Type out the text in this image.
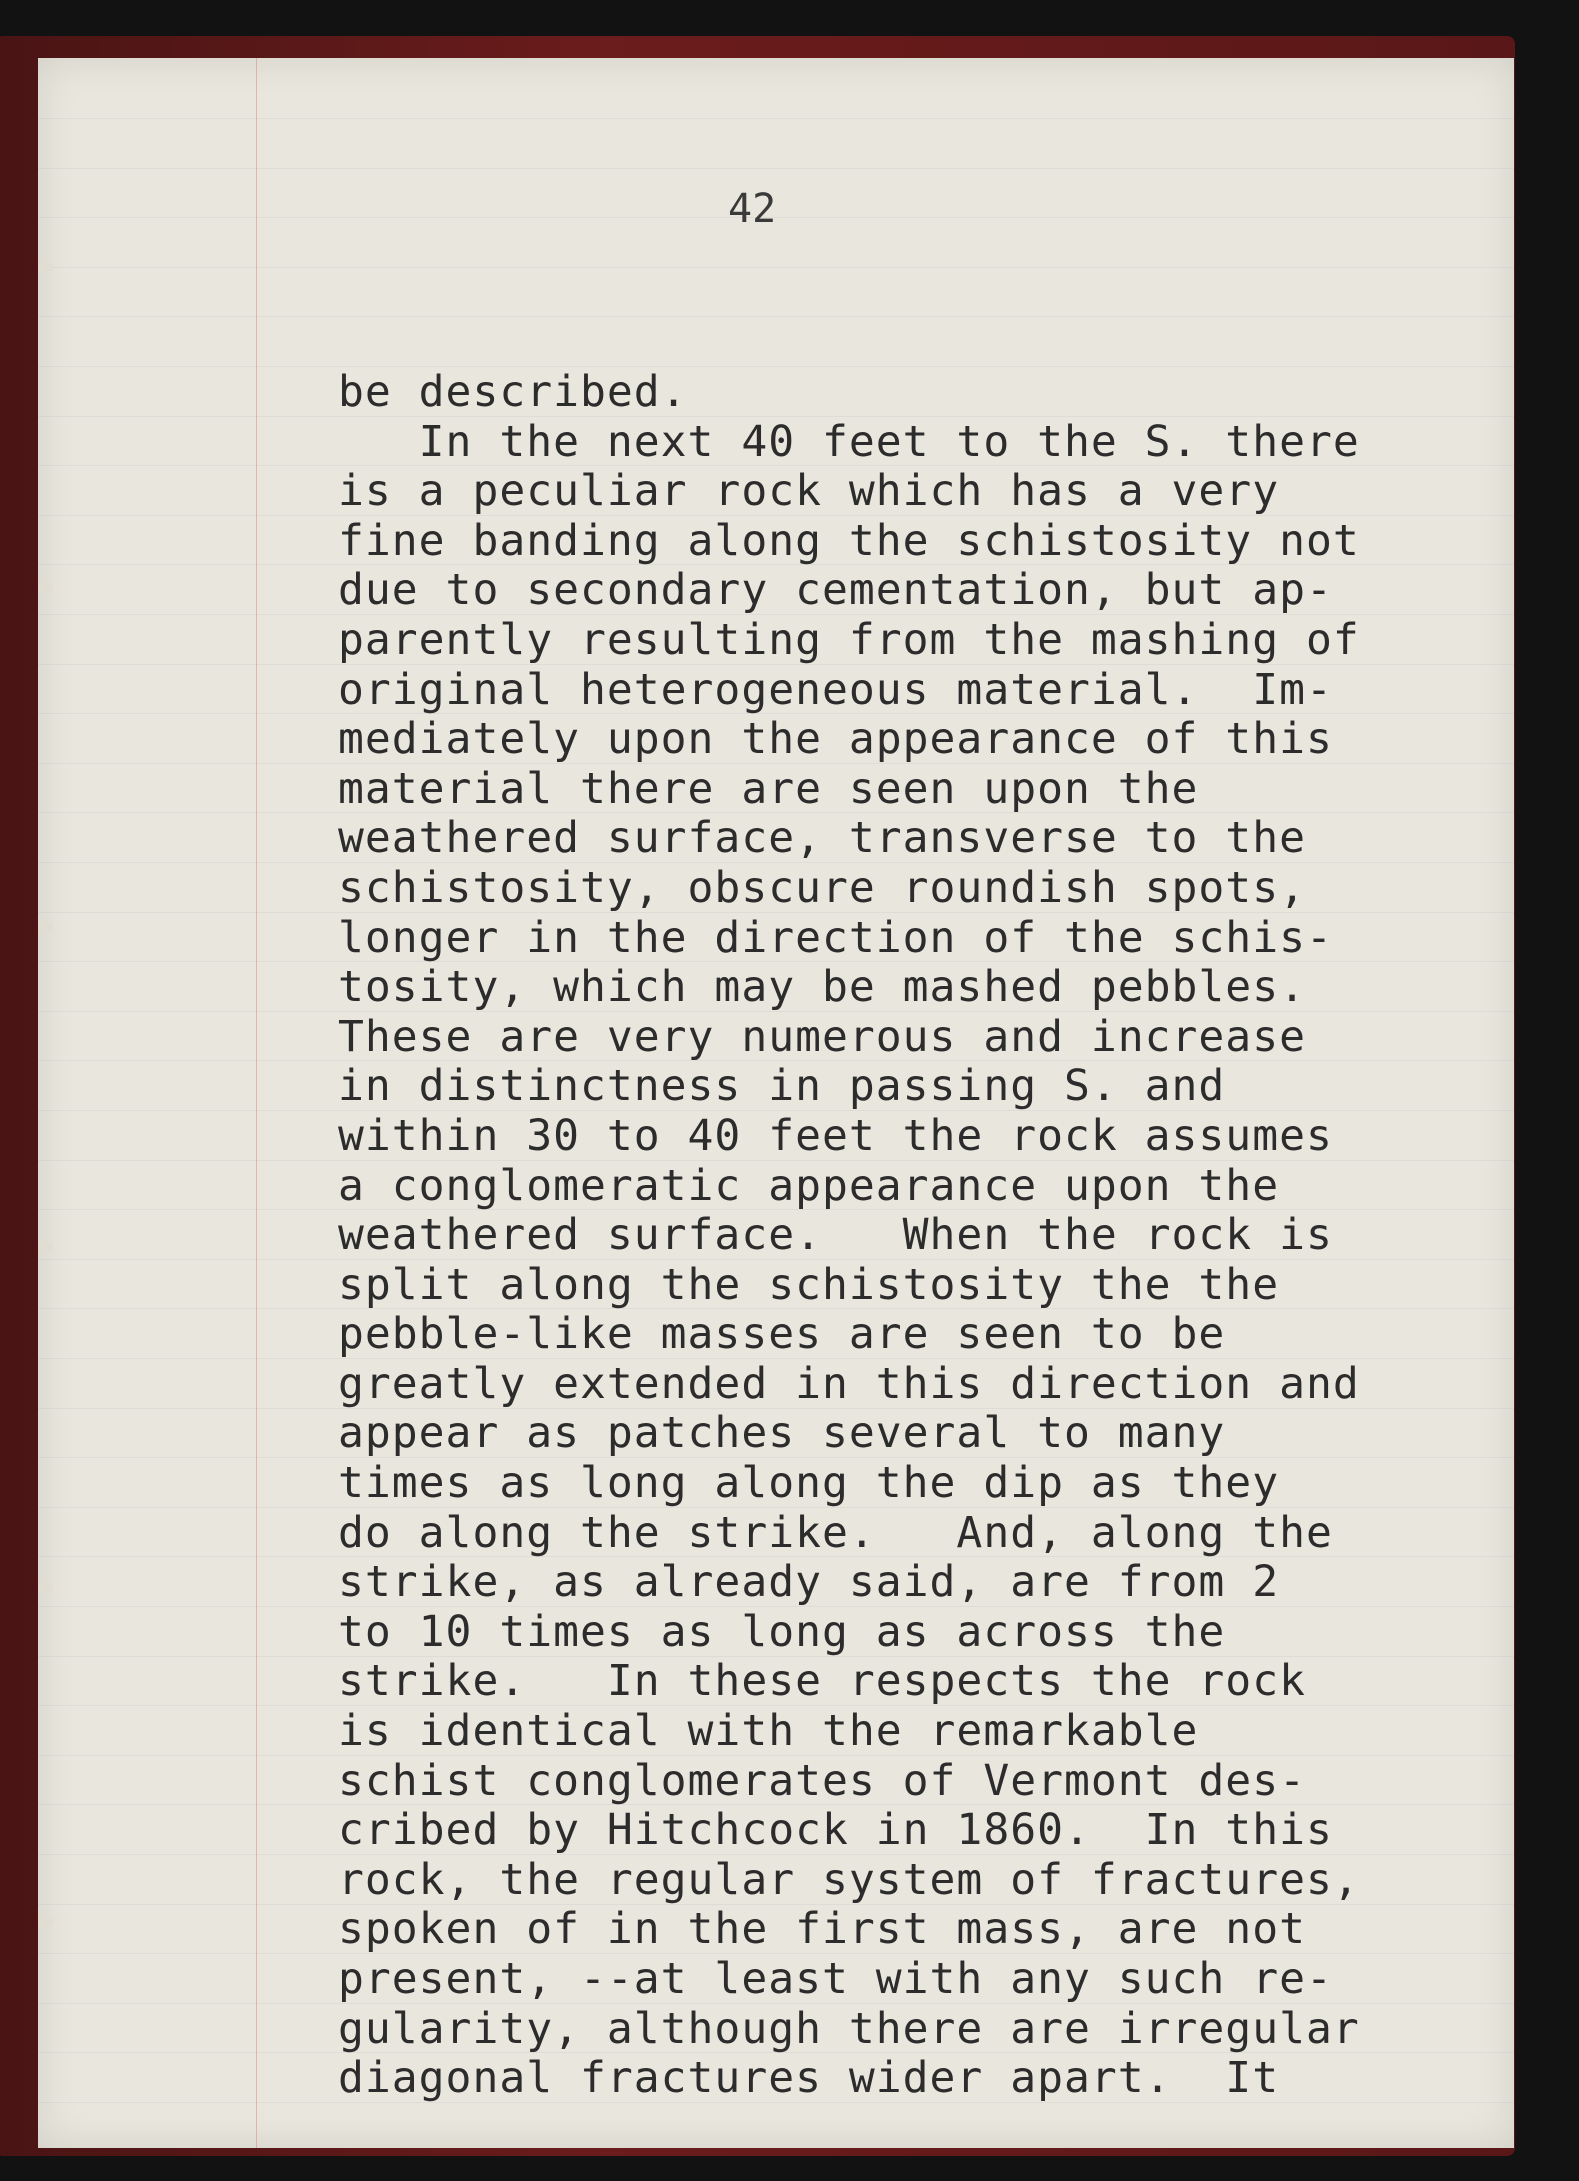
42

be described.
In the next 40 feet to the S. there
is a peculiar rock which has a very
fine banding along the schistosity not
due to secondary cementation, but ap-
parently resulting from the mashing of
original heterogeneous material.  Im-
mediately upon the appearance of this
material there are seen upon the
weathered surface, transverse to the
schistosity, obscure roundish spots,
longer in the direction of the schis-
tosity, which may be mashed pebbles.
These are very numerous and increase
in distinctness in passing S. and
within 30 to 40 feet the rock assumes
a conglomeratic appearance upon the
weathered surface.   When the rock is
split along the schistosity the the
pebble-like masses are seen to be
greatly extended in this direction and
appear as patches several to many
times as long along the dip as they
do along the strike.   And, along the
strike, as already said, are from 2
to 10 times as long as across the
strike.   In these respects the rock
is identical with the remarkable
schist conglomerates of Vermont des-
cribed by Hitchcock in 1860.  In this
rock, the regular system of fractures,
spoken of in the first mass, are not
present, --at least with any such re-
gularity, although there are irregular
diagonal fractures wider apart.  It
